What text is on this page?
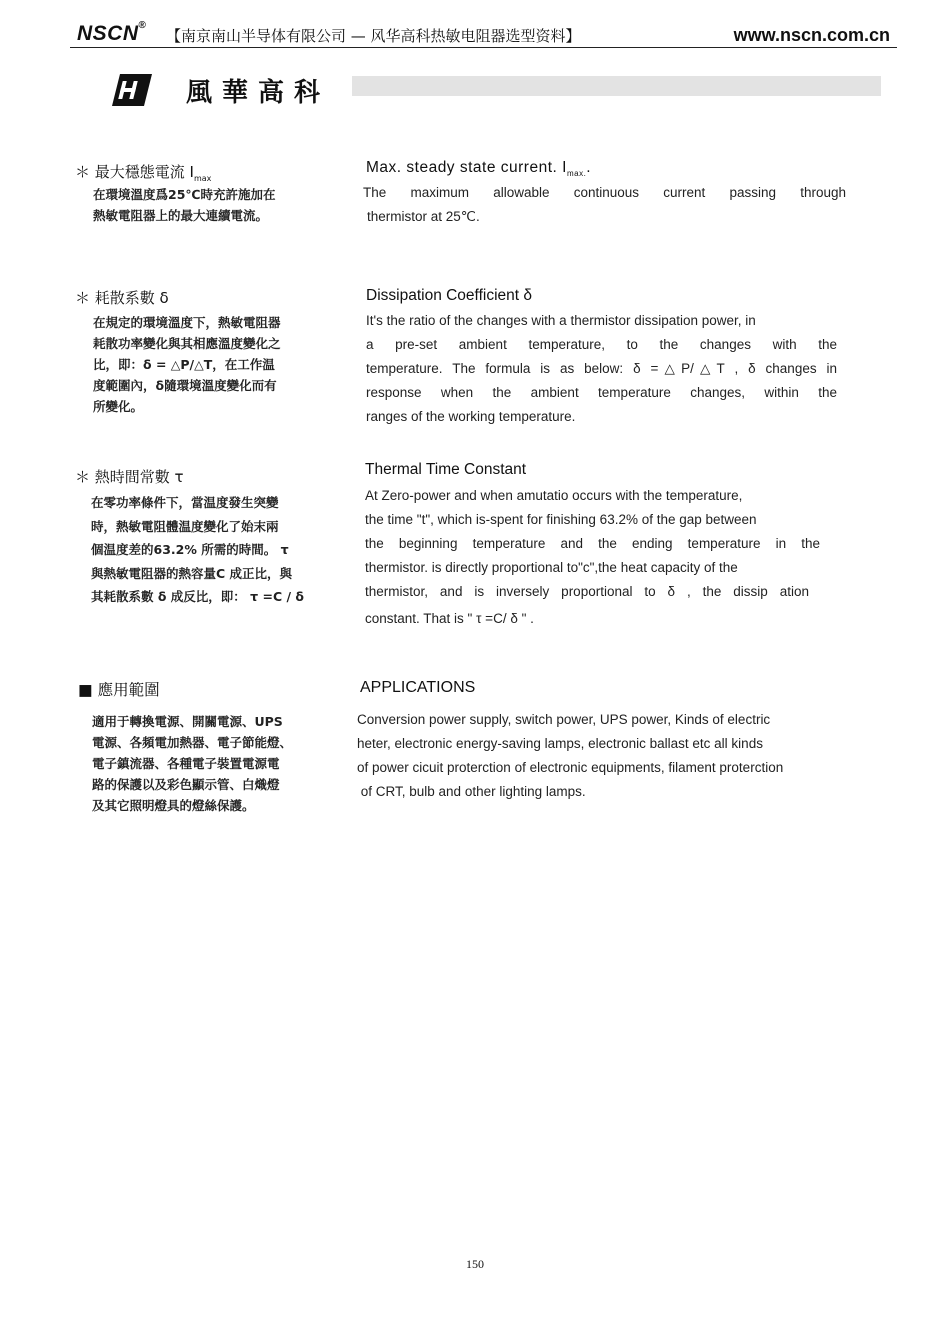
NSCN®
【南京南山半导体有限公司 — 风华高科热敏电阻器选型资料】	www.nscn.com.cn
風華高科
＊ 最大穩態電流 $I_{max}$
在環境溫度爲25℃時充許施加在
熱敏電阻器上的最大連續電流。
Max. steady state current. $I_{max.}$.
The maximum allowable continuous current passing through
thermistor at 25℃.
＊ 耗散系數 δ
在規定的環境溫度下，熱敏電阻器
耗散功率變化與其相應溫度變化之
比，即：δ = △P/△T，在工作温
度範圍內，δ隨環境溫度變化而有
所變化。
Dissipation Coefficient δ
It's the ratio of the changes with a thermistor dissipation power, in
a pre-set ambient temperature, to the changes with the
temperature. The formula is as below: δ =△P/△T , δ changes in
response when the ambient temperature changes, within the
ranges of the working temperature.
＊ 熱時間常數 τ
在零功率條件下，當温度發生突變
時，熱敏電阻體温度變化了始末兩
個温度差的63.2% 所需的時間。 τ
與熱敏電阻器的熱容量C 成正比，與
其耗散系數 δ 成反比，即： τ =C / δ
Thermal Time Constant
At Zero-power and when amutatio occurs with the temperature,
the time "t", which is-spent for finishing 63.2% of the gap between
the beginning temperature and the ending temperature in the
thermistor. is directly proportional to"c",the heat capacity of the
thermistor, and is inversely proportional to δ , the dissip ation
constant. That is " τ =C/ δ " .
■ 應用範圍
適用于轉換電源、開關電源、UPS
電源、各頻電加熱器、電子節能燈、
電子鎮流器、各種電子裝置電源電
路的保護以及彩色顯示管、白熾燈
及其它照明燈具的燈絲保護。
APPLICATIONS
Conversion power supply, switch power, UPS power, Kinds of electric
heter, electronic energy-saving lamps, electronic ballast etc all kinds
of power cicuit proterction of electronic equipments, filament proterction
of CRT, bulb and other lighting lamps.
150
